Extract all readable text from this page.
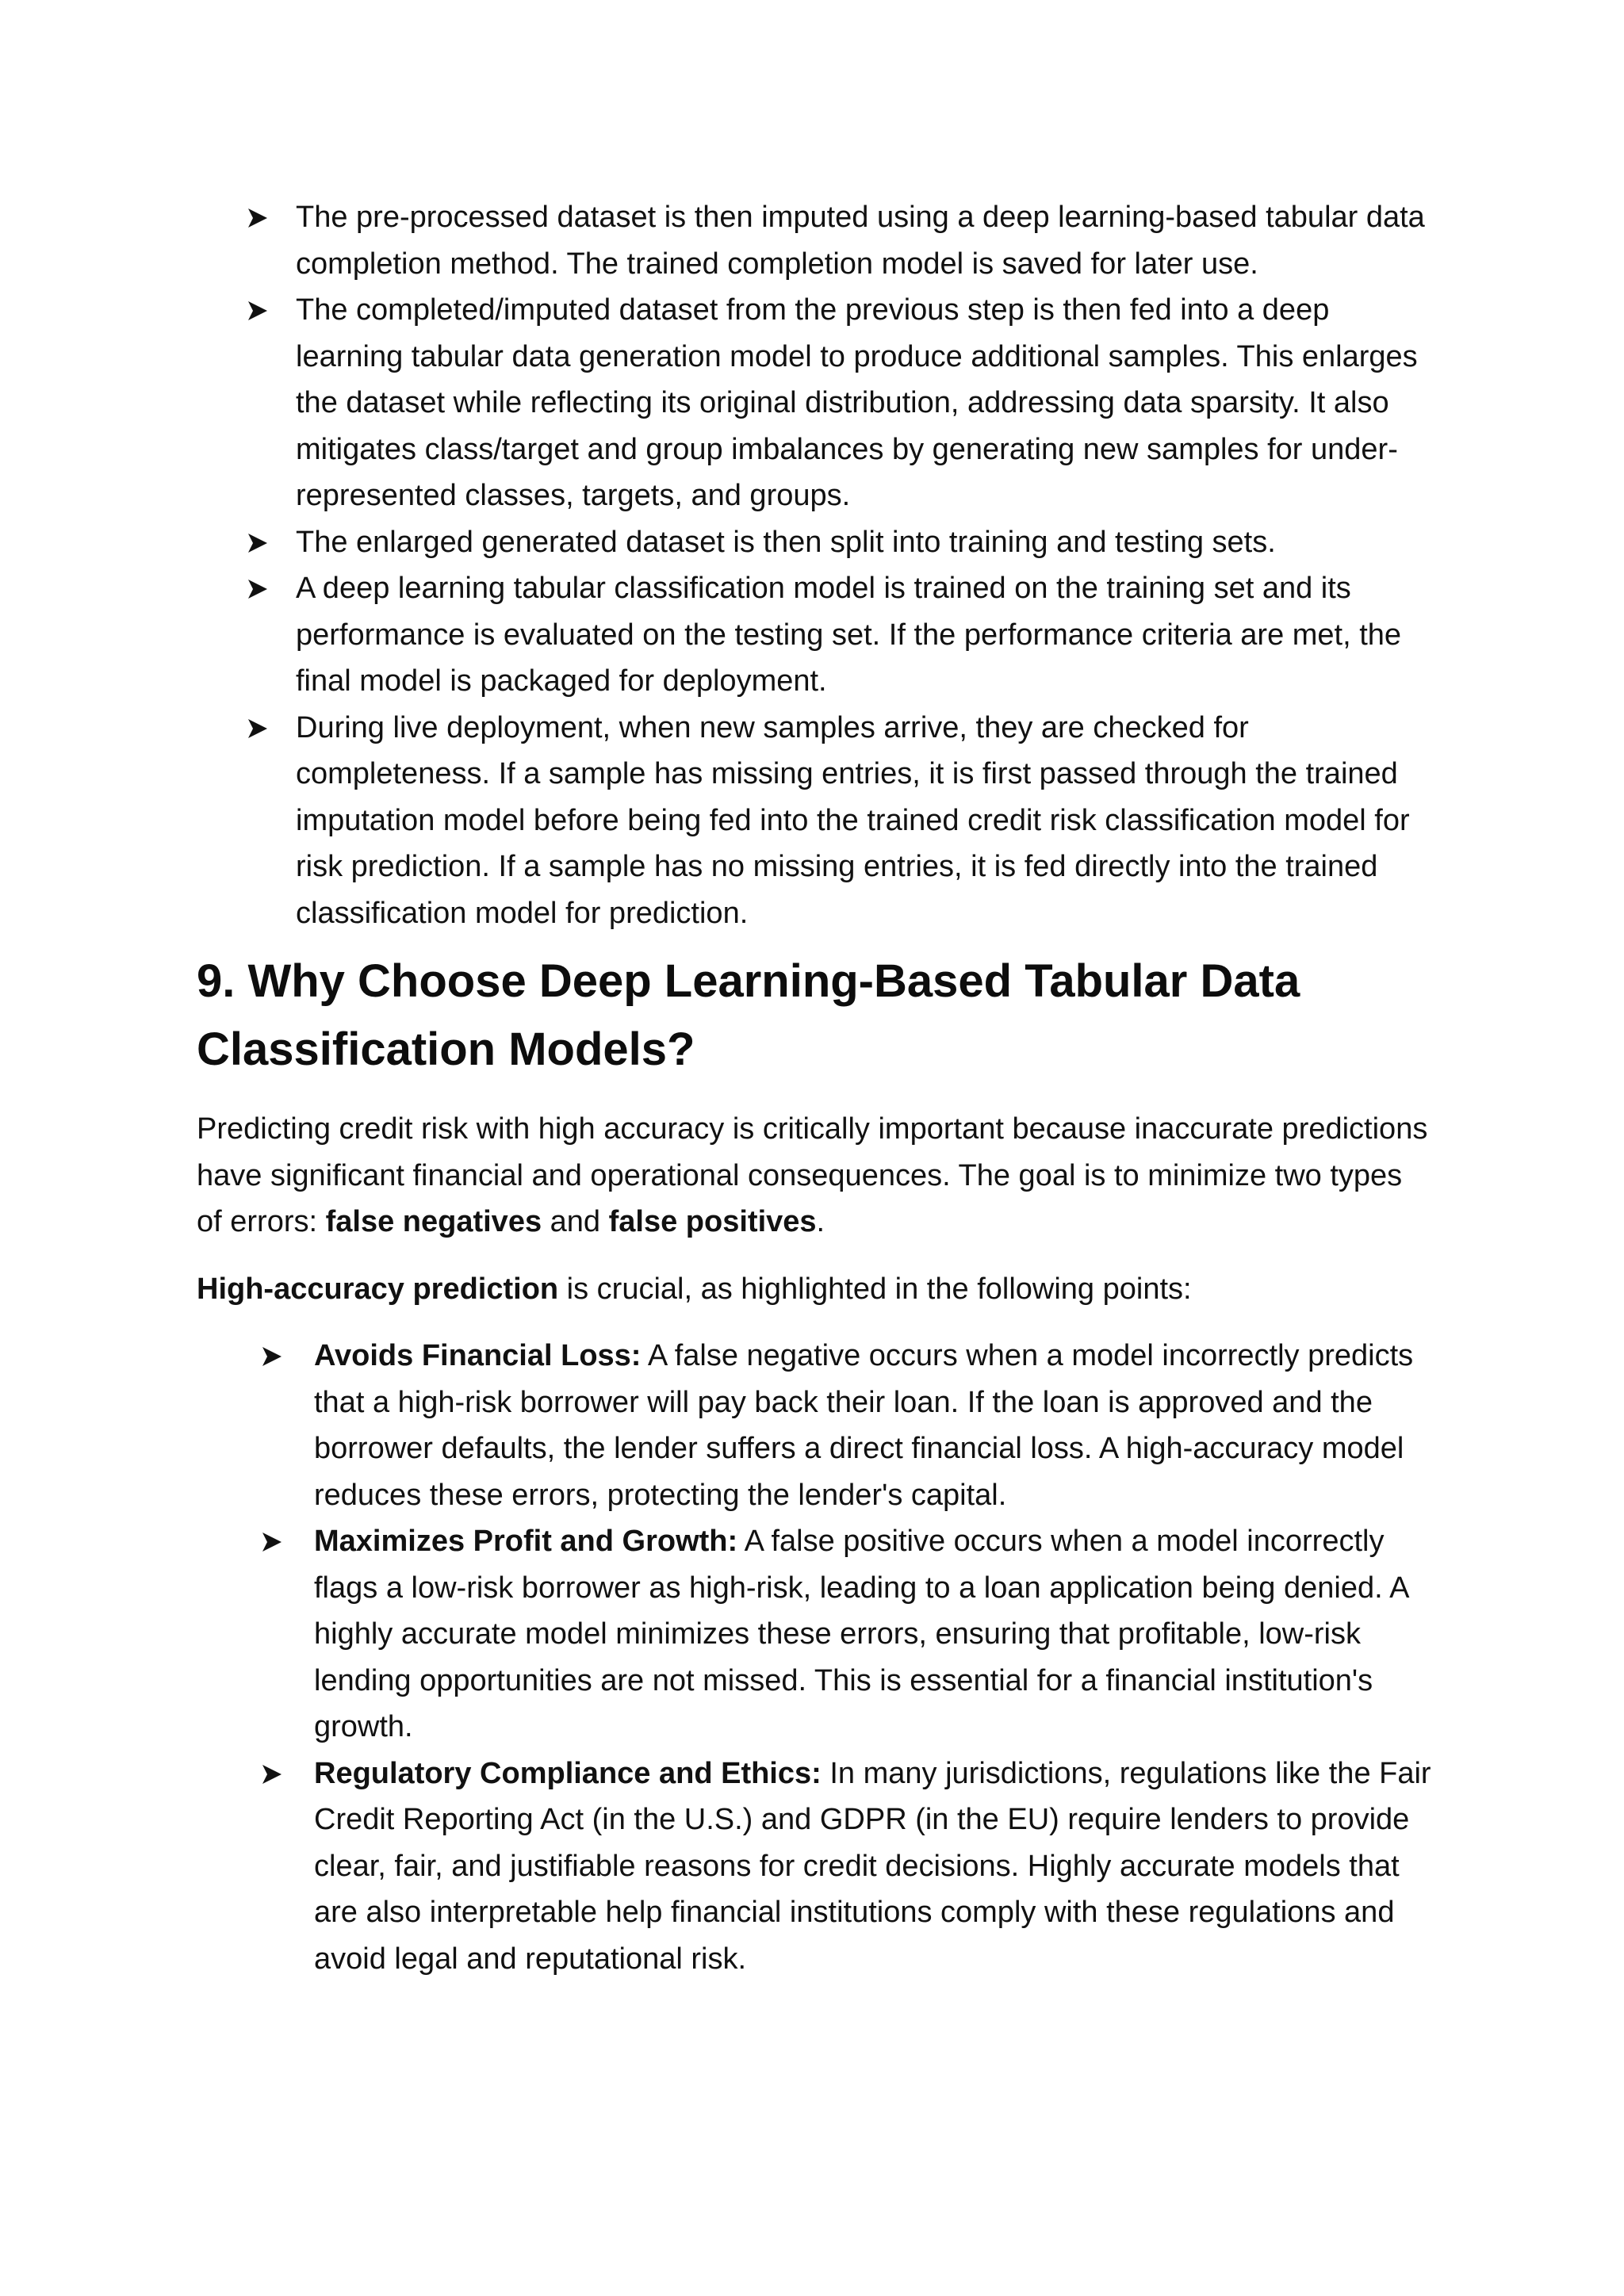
The pre-processed dataset is then imputed using a deep learning-based tabular data completion method. The trained completion model is saved for later use.
The completed/imputed dataset from the previous step is then fed into a deep learning tabular data generation model to produce additional samples. This enlarges the dataset while reflecting its original distribution, addressing data sparsity. It also mitigates class/target and group imbalances by generating new samples for under-represented classes, targets, and groups.
The enlarged generated dataset is then split into training and testing sets.
A deep learning tabular classification model is trained on the training set and its performance is evaluated on the testing set. If the performance criteria are met, the final model is packaged for deployment.
During live deployment, when new samples arrive, they are checked for completeness. If a sample has missing entries, it is first passed through the trained imputation model before being fed into the trained credit risk classification model for risk prediction. If a sample has no missing entries, it is fed directly into the trained classification model for prediction.
9. Why Choose Deep Learning-Based Tabular Data Classification Models?

Predicting credit risk with high accuracy is critically important because inaccurate predictions have significant financial and operational consequences. The goal is to minimize two types of errors: false negatives and false positives.

High-accuracy prediction is crucial, as highlighted in the following points:

Avoids Financial Loss: A false negative occurs when a model incorrectly predicts that a high-risk borrower will pay back their loan. If the loan is approved and the borrower defaults, the lender suffers a direct financial loss. A high-accuracy model reduces these errors, protecting the lender's capital.
Maximizes Profit and Growth: A false positive occurs when a model incorrectly flags a low-risk borrower as high-risk, leading to a loan application being denied. A highly accurate model minimizes these errors, ensuring that profitable, low-risk lending opportunities are not missed. This is essential for a financial institution's growth.
Regulatory Compliance and Ethics: In many jurisdictions, regulations like the Fair Credit Reporting Act (in the U.S.) and GDPR (in the EU) require lenders to provide clear, fair, and justifiable reasons for credit decisions. Highly accurate models that are also interpretable help financial institutions comply with these regulations and avoid legal and reputational risk.
